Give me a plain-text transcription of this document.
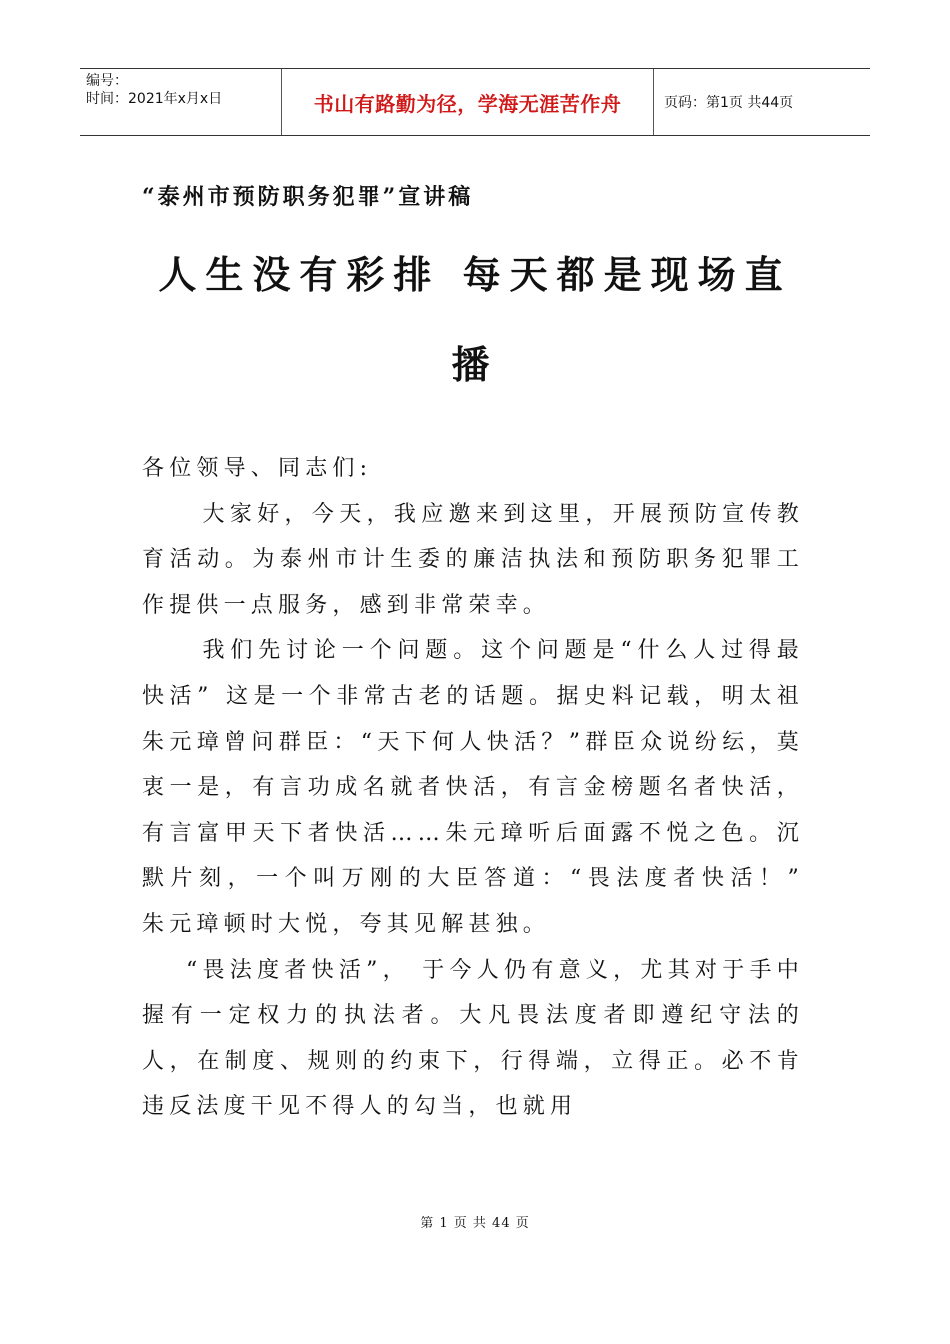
编号：
时间：2021年x月x日	书山有路勤为径，学海无涯苦作舟	页码：第1页 共44页
“泰州市预防职务犯罪”宣讲稿
人生没有彩排 每天都是现场直播

各位领导、同志们:

大家好，今天，我应邀来到这里，开展预防宣传教育活动。为泰州市计生委的廉洁执法和预防职务犯罪工作提供一点服务，感到非常荣幸。

我们先讨论一个问题。这个问题是“什么人过得最快活” 这是一个非常古老的话题。据史料记载，明太祖朱元璋曾问群臣：“天下何人快活？”群臣众说纷纭，莫衷一是，有言功成名就者快活，有言金榜题名者快活，有言富甲天下者快活……朱元璋听后面露不悦之色。沉默片刻，一个叫万刚的大臣答道：“畏法度者快活！” 朱元璋顿时大悦，夸其见解甚独。

“畏法度者快活”， 于今人仍有意义，尤其对于手中握有一定权力的执法者。大凡畏法度者即遵纪守法的人，在制度、规则的约束下，行得端，立得正。必不肯违反法度干见不得人的勾当，也就用

第 1 页 共 44 页
